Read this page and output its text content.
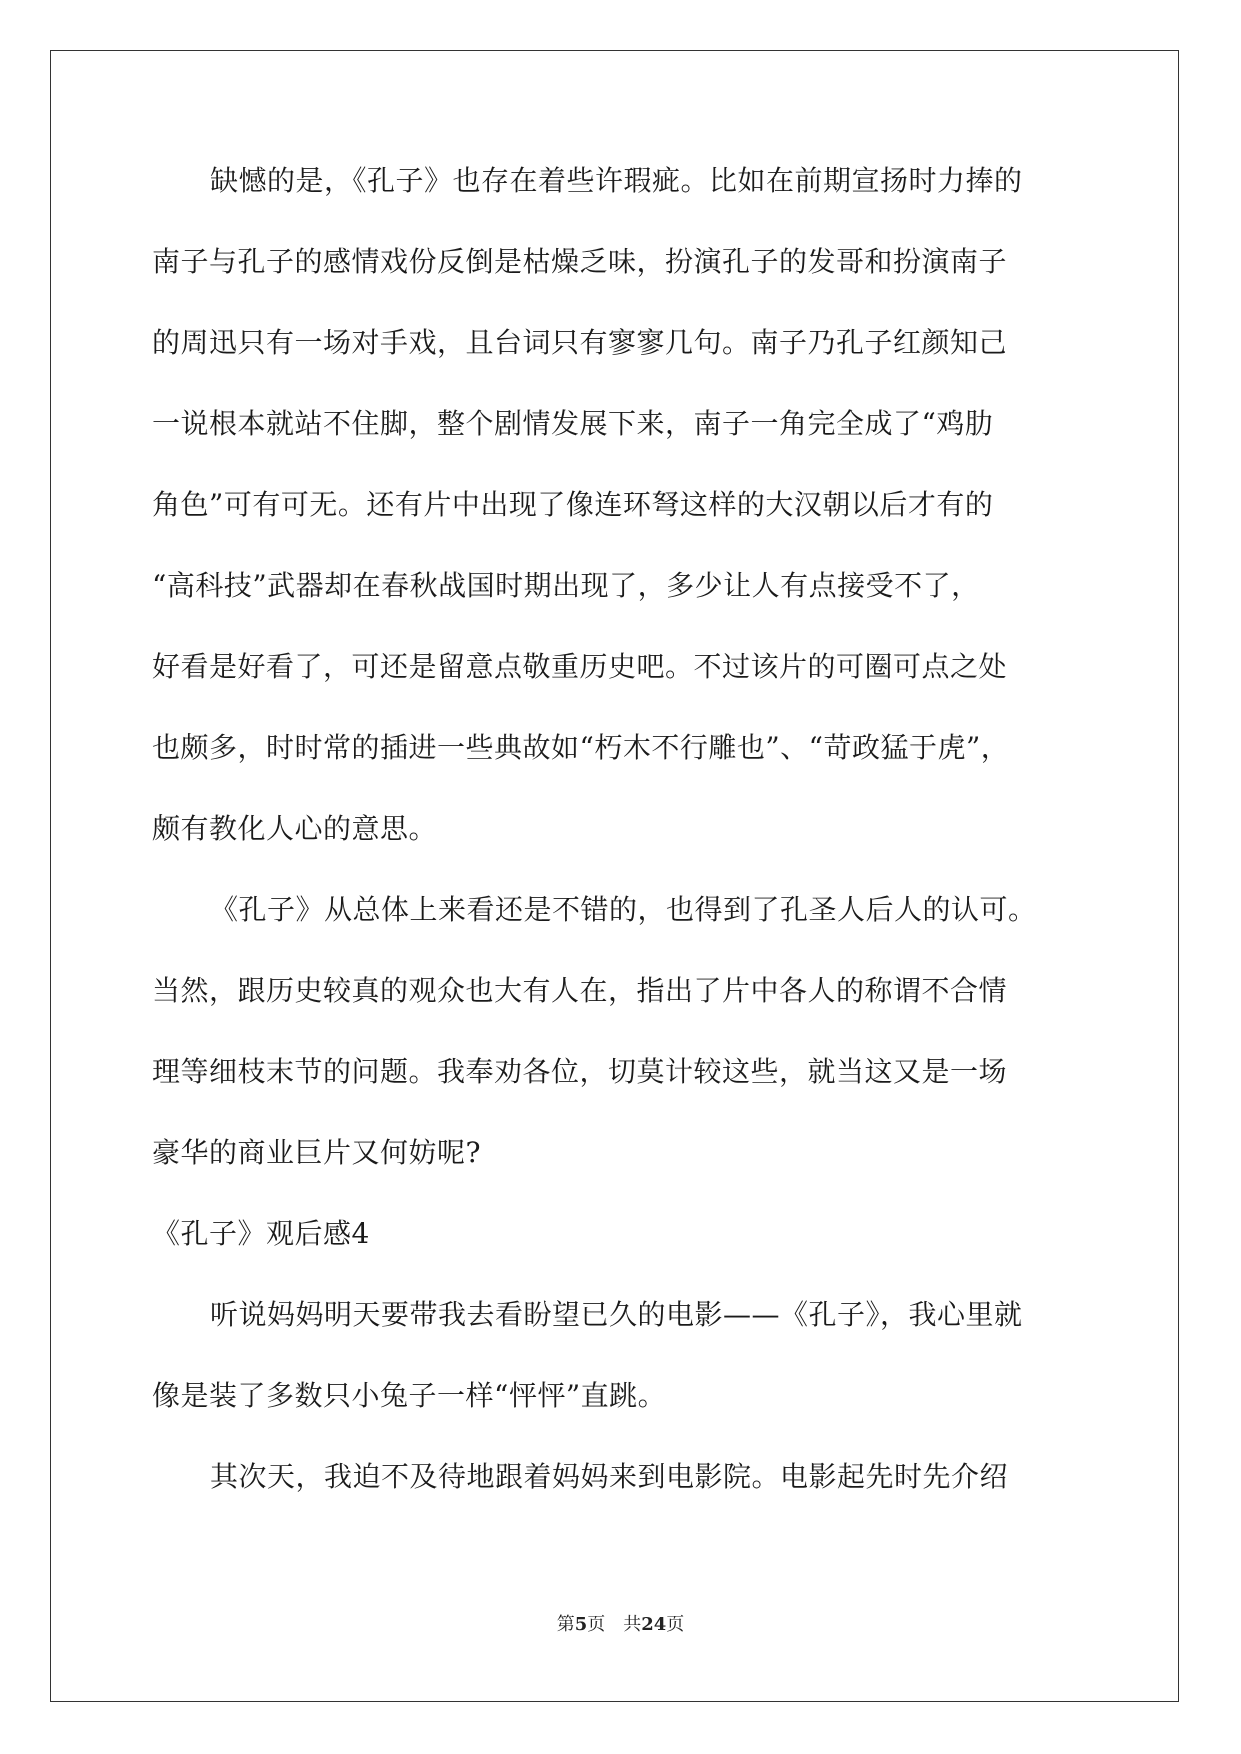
缺憾的是，《孔子》也存在着些许瑕疵。比如在前期宣扬时力捧的
南子与孔子的感情戏份反倒是枯燥乏味，扮演孔子的发哥和扮演南子
的周迅只有一场对手戏，且台词只有寥寥几句。南子乃孔子红颜知己
一说根本就站不住脚，整个剧情发展下来，南子一角完全成了“鸡肋
角色”可有可无。还有片中出现了像连环弩这样的大汉朝以后才有的
“高科技”武器却在春秋战国时期出现了，多少让人有点接受不了，
好看是好看了，可还是留意点敬重历史吧。不过该片的可圈可点之处
也颇多，时时常的插进一些典故如“朽木不行雕也”、“苛政猛于虎”，
颇有教化人心的意思。
《孔子》从总体上来看还是不错的，也得到了孔圣人后人的认可。
当然，跟历史较真的观众也大有人在，指出了片中各人的称谓不合情
理等细枝末节的问题。我奉劝各位，切莫计较这些，就当这又是一场
豪华的商业巨片又何妨呢?
《孔子》观后感4
听说妈妈明天要带我去看盼望已久的电影——《孔子》，我心里就
像是装了多数只小兔子一样“怦怦”直跳。
其次天，我迫不及待地跟着妈妈来到电影院。电影起先时先介绍
第5页 共24页
